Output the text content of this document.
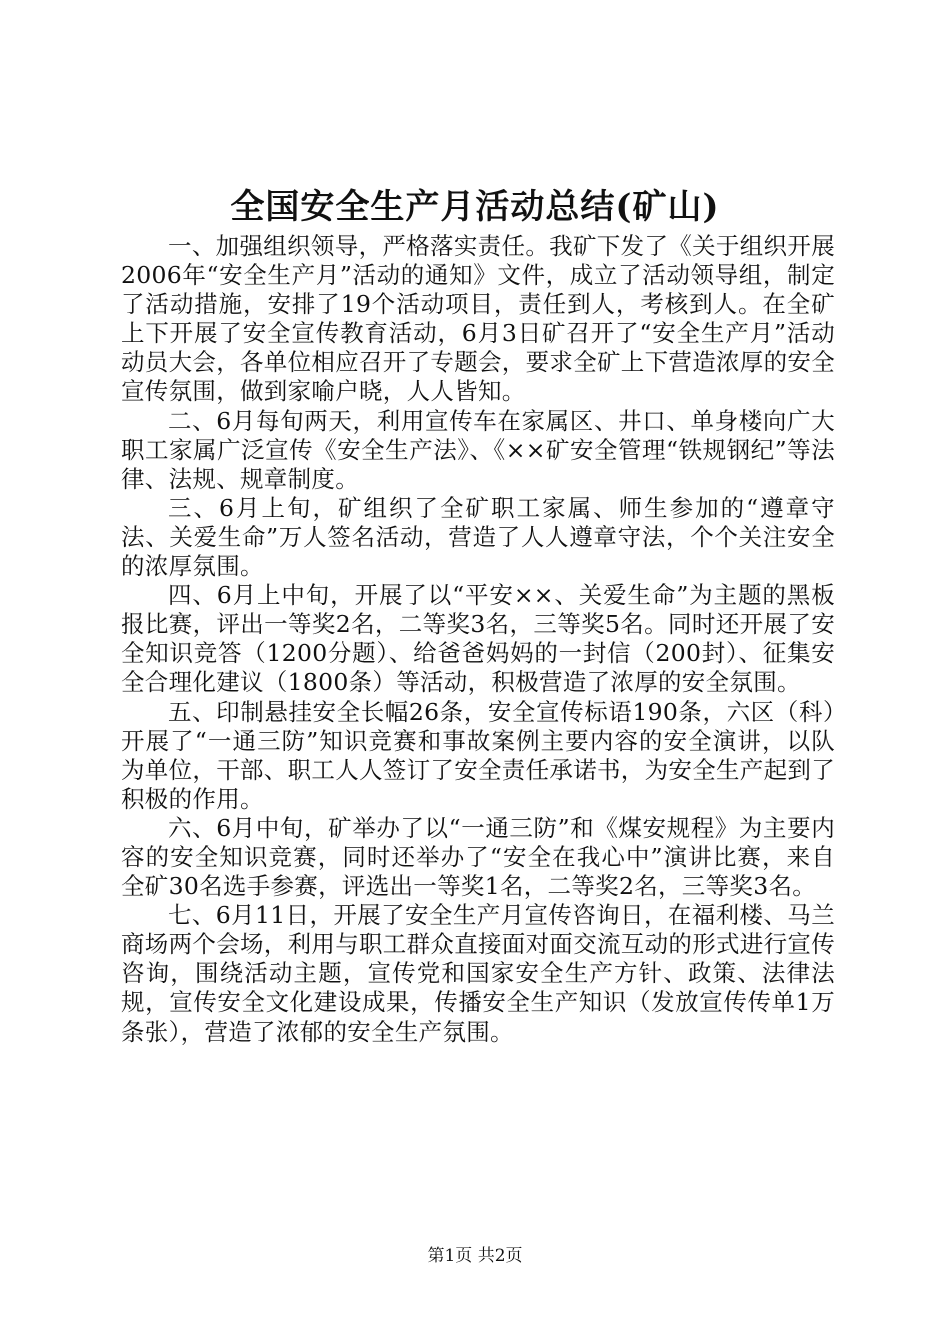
全国安全生产月活动总结(矿山)

一、加强组织领导，严格落实责任。我矿下发了《关于组织开展2006年“安全生产月”活动的通知》文件，成立了活动领导组，制定了活动措施，安排了19个活动项目，责任到人，考核到人。在全矿上下开展了安全宣传教育活动，6月3日矿召开了“安全生产月”活动动员大会，各单位相应召开了专题会，要求全矿上下营造浓厚的安全宣传氛围，做到家喻户晓，人人皆知。

二、6月每旬两天，利用宣传车在家属区、井口、单身楼向广大职工家属广泛宣传《安全生产法》、《××矿安全管理“铁规钢纪”等法律、法规、规章制度。

三、6月上旬，矿组织了全矿职工家属、师生参加的“遵章守法、关爱生命”万人签名活动，营造了人人遵章守法，个个关注安全的浓厚氛围。

四、6月上中旬，开展了以“平安××、关爱生命”为主题的黑板报比赛，评出一等奖2名，二等奖3名，三等奖5名。同时还开展了安全知识竞答（1200分题）、给爸爸妈妈的一封信（200封）、征集安全合理化建议（1800条）等活动，积极营造了浓厚的安全氛围。

五、印制悬挂安全长幅26条，安全宣传标语190条，六区（科）开展了“一通三防”知识竞赛和事故案例主要内容的安全演讲，以队为单位，干部、职工人人签订了安全责任承诺书，为安全生产起到了积极的作用。

六、6月中旬，矿举办了以“一通三防”和《煤安规程》为主要内容的安全知识竞赛，同时还举办了“安全在我心中”演讲比赛，来自全矿30名选手参赛，评选出一等奖1名，二等奖2名，三等奖3名。

七、6月11日，开展了安全生产月宣传咨询日，在福利楼、马兰商场两个会场，利用与职工群众直接面对面交流互动的形式进行宣传咨询，围绕活动主题，宣传党和国家安全生产方针、政策、法律法规，宣传安全文化建设成果，传播安全生产知识（发放宣传传单1万条张），营造了浓郁的安全生产氛围。

第1页 共2页
